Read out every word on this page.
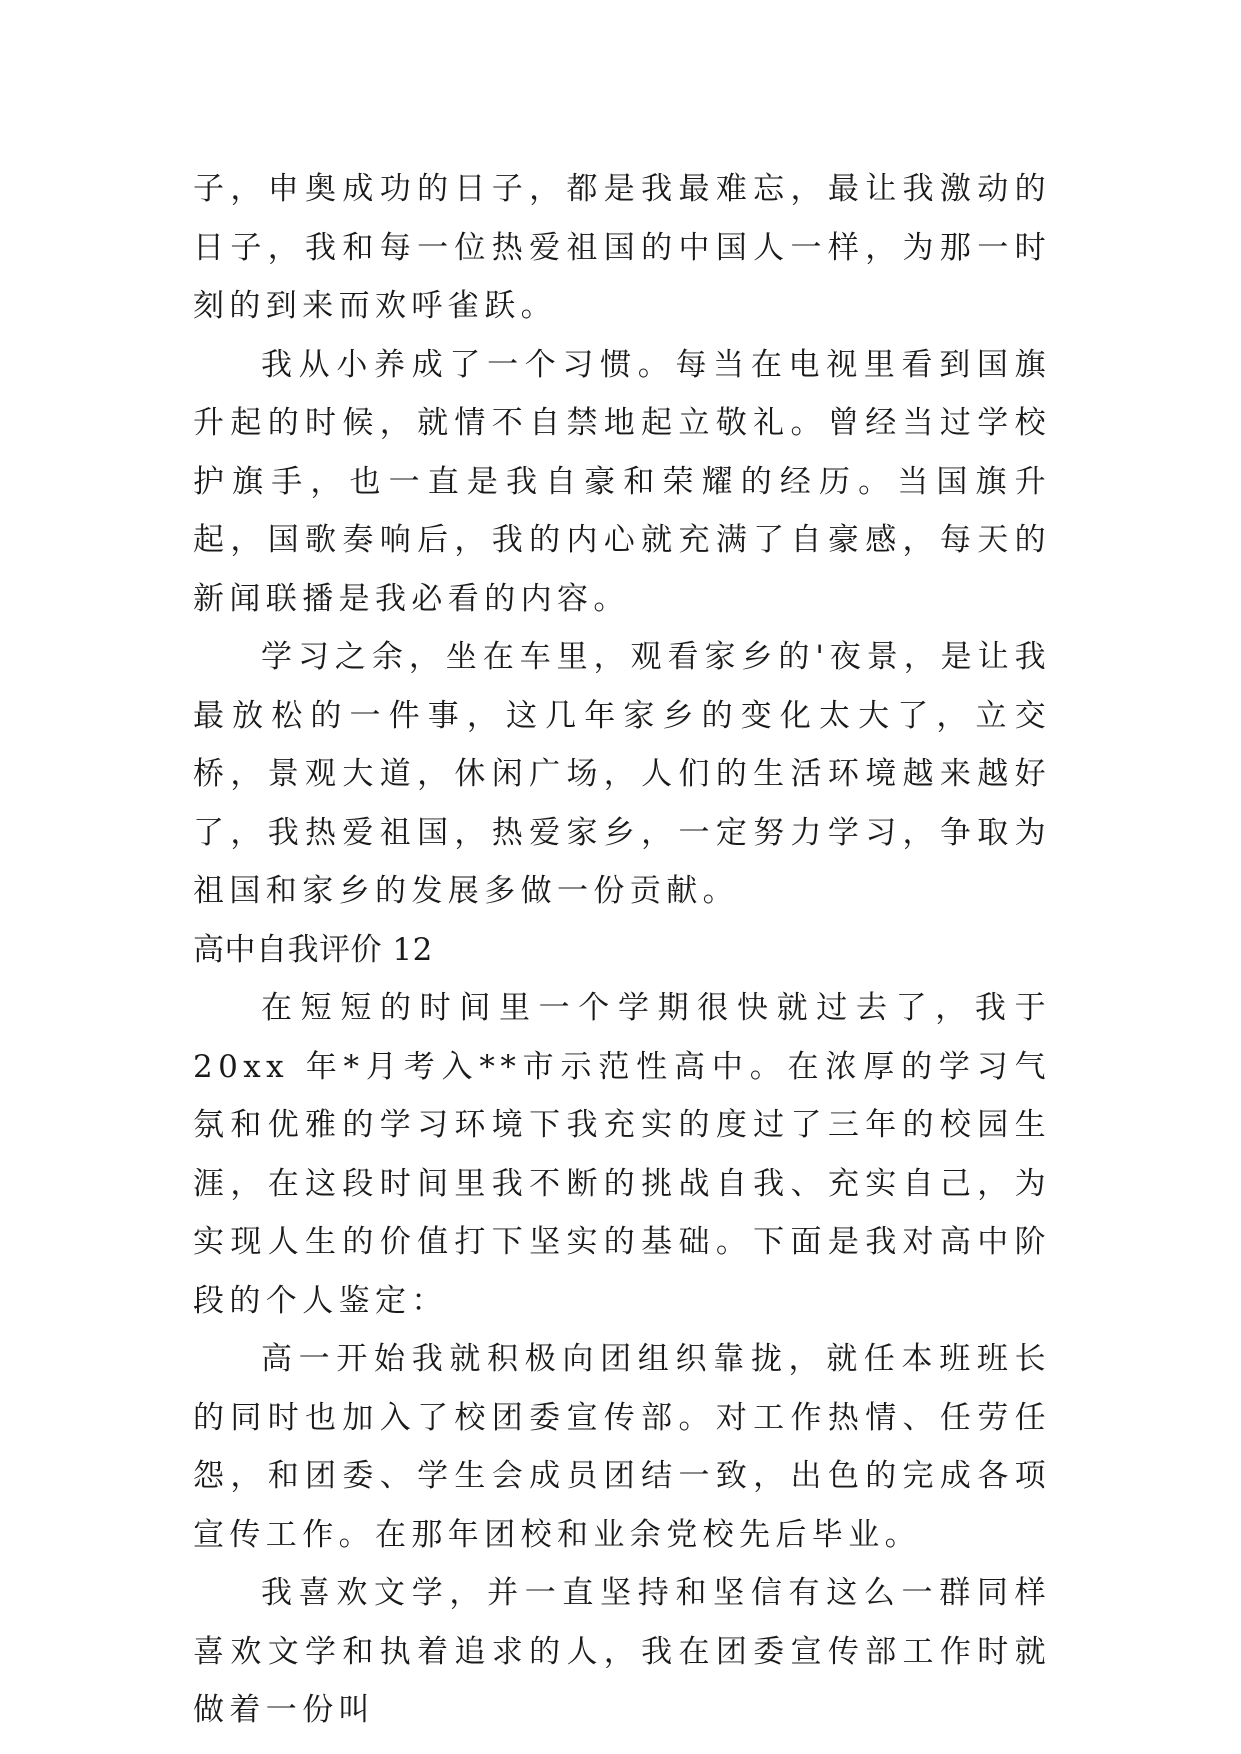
子，申奥成功的日子，都是我最难忘，最让我激动的日子，我和每一位热爱祖国的中国人一样，为那一时刻的到来而欢呼雀跃。

我从小养成了一个习惯。每当在电视里看到国旗升起的时候，就情不自禁地起立敬礼。曾经当过学校护旗手，也一直是我自豪和荣耀的经历。当国旗升起，国歌奏响后，我的内心就充满了自豪感，每天的新闻联播是我必看的内容。

学习之余，坐在车里，观看家乡的'夜景，是让我最放松的一件事，这几年家乡的变化太大了，立交桥，景观大道，休闲广场，人们的生活环境越来越好了，我热爱祖国，热爱家乡，一定努力学习，争取为祖国和家乡的发展多做一份贡献。

高中自我评价 12

在短短的时间里一个学期很快就过去了，我于 20xx 年*月考入**市示范性高中。在浓厚的学习气氛和优雅的学习环境下我充实的度过了三年的校园生涯，在这段时间里我不断的挑战自我、充实自己，为实现人生的价值打下坚实的基础。下面是我对高中阶段的个人鉴定：

高一开始我就积极向团组织靠拢，就任本班班长的同时也加入了校团委宣传部。对工作热情、任劳任怨，和团委、学生会成员团结一致，出色的完成各项宣传工作。在那年团校和业余党校先后毕业。

我喜欢文学，并一直坚持和坚信有这么一群同样喜欢文学和执着追求的人，我在团委宣传部工作时就做着一份叫
